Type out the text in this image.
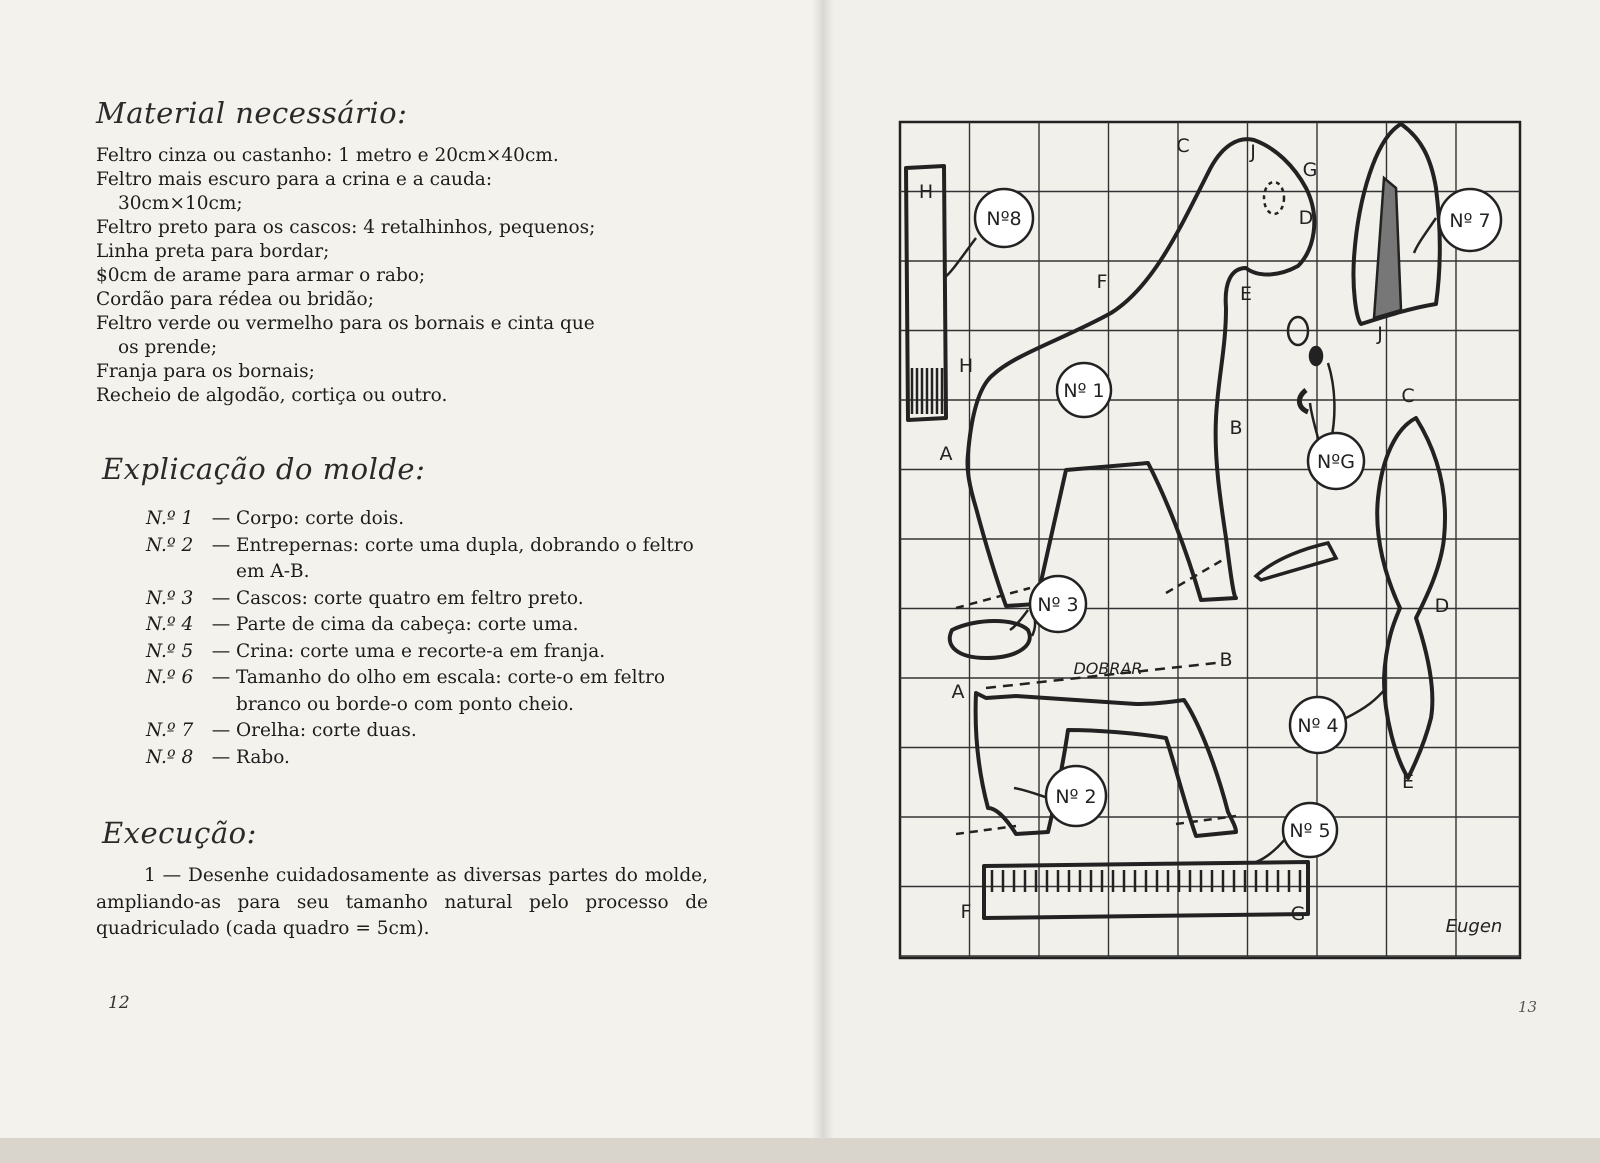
Material necessário:
Feltro cinza ou castanho: 1 metro e 20cm×40cm.
Feltro mais escuro para a crina e a cauda:
30cm×10cm;
Feltro preto para os cascos: 4 retalhinhos, pequenos;
Linha preta para bordar;
$0cm de arame para armar o rabo;
Cordão para rédea ou bridão;
Feltro verde ou vermelho para os bornais e cinta que
os prende;
Franja para os bornais;
Recheio de algodão, cortiça ou outro.
Explicação do molde:
N.º 1	— Corpo: corte dois.
N.º 2	— Entrepernas: corte uma dupla, dobrando o feltro em A-B.
N.º 3	— Cascos: corte quatro em feltro preto.
N.º 4	— Parte de cima da cabeça: corte uma.
N.º 5	— Crina: corte uma e recorte-a em franja.
N.º 6	— Tamanho do olho em escala: corte-o em feltro branco ou borde-o com ponto cheio.
N.º 7	— Orelha: corte duas.
N.º 8	— Rabo.
Execução:
1 — Desenhe cuidadosamente as diversas partes do molde, ampliando-as para seu tamanho natural pelo processo de quadriculado (cada quadro = 5cm).
12
Nº 1
Nº 2
Nº 3
Nº 4
Nº 5
NºG
Nº 7
Nº8
DOBRAR
Eugen
C	J
G
D
H
F
E
J
H
C
B
A
D
B
A
E
F	G
13
